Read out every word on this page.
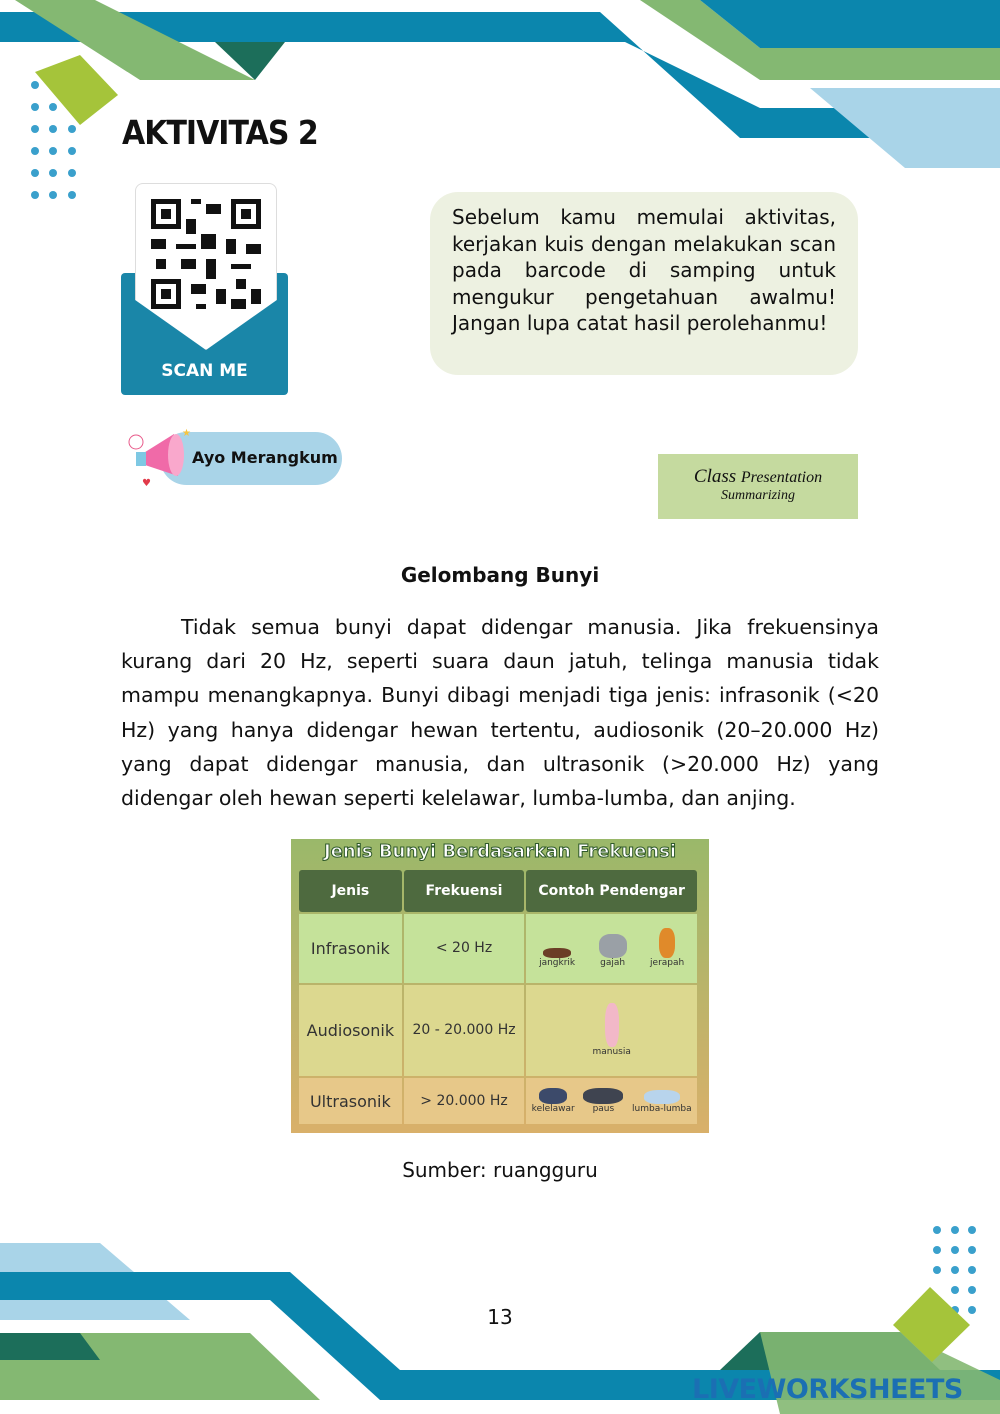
AKTIVITAS 2
SCAN ME
Sebelum kamu memulai aktivitas, kerjakan kuis dengan melakukan scan pada barcode di samping untuk mengukur pengetahuan awalmu! Jangan lupa catat hasil perolehanmu!
♥
★
Ayo Merangkum
Class Presentation
Summarizing
Gelombang Bunyi
Tidak semua bunyi dapat didengar manusia. Jika frekuensinya kurang dari 20 Hz, seperti suara daun jatuh, telinga manusia tidak mampu menangkapnya. Bunyi dibagi menjadi tiga jenis: infrasonik (<20 Hz) yang hanya didengar hewan tertentu, audiosonik (20–20.000 Hz) yang dapat didengar manusia, dan ultrasonik (>20.000 Hz) yang didengar oleh hewan seperti kelelawar, lumba-lumba, dan anjing.
Jenis Bunyi Berdasarkan Frekuensi
Jenis	Frekuensi	Contoh Pendengar
Infrasonik	< 20 Hz	jangkrik gajah jerapah

Audiosonik	20 - 20.000 Hz	manusia

Ultrasonik	> 20.000 Hz	kelelawar paus lumba-lumba
Sumber: ruangguru
13
LIVEWORKSHEETS
